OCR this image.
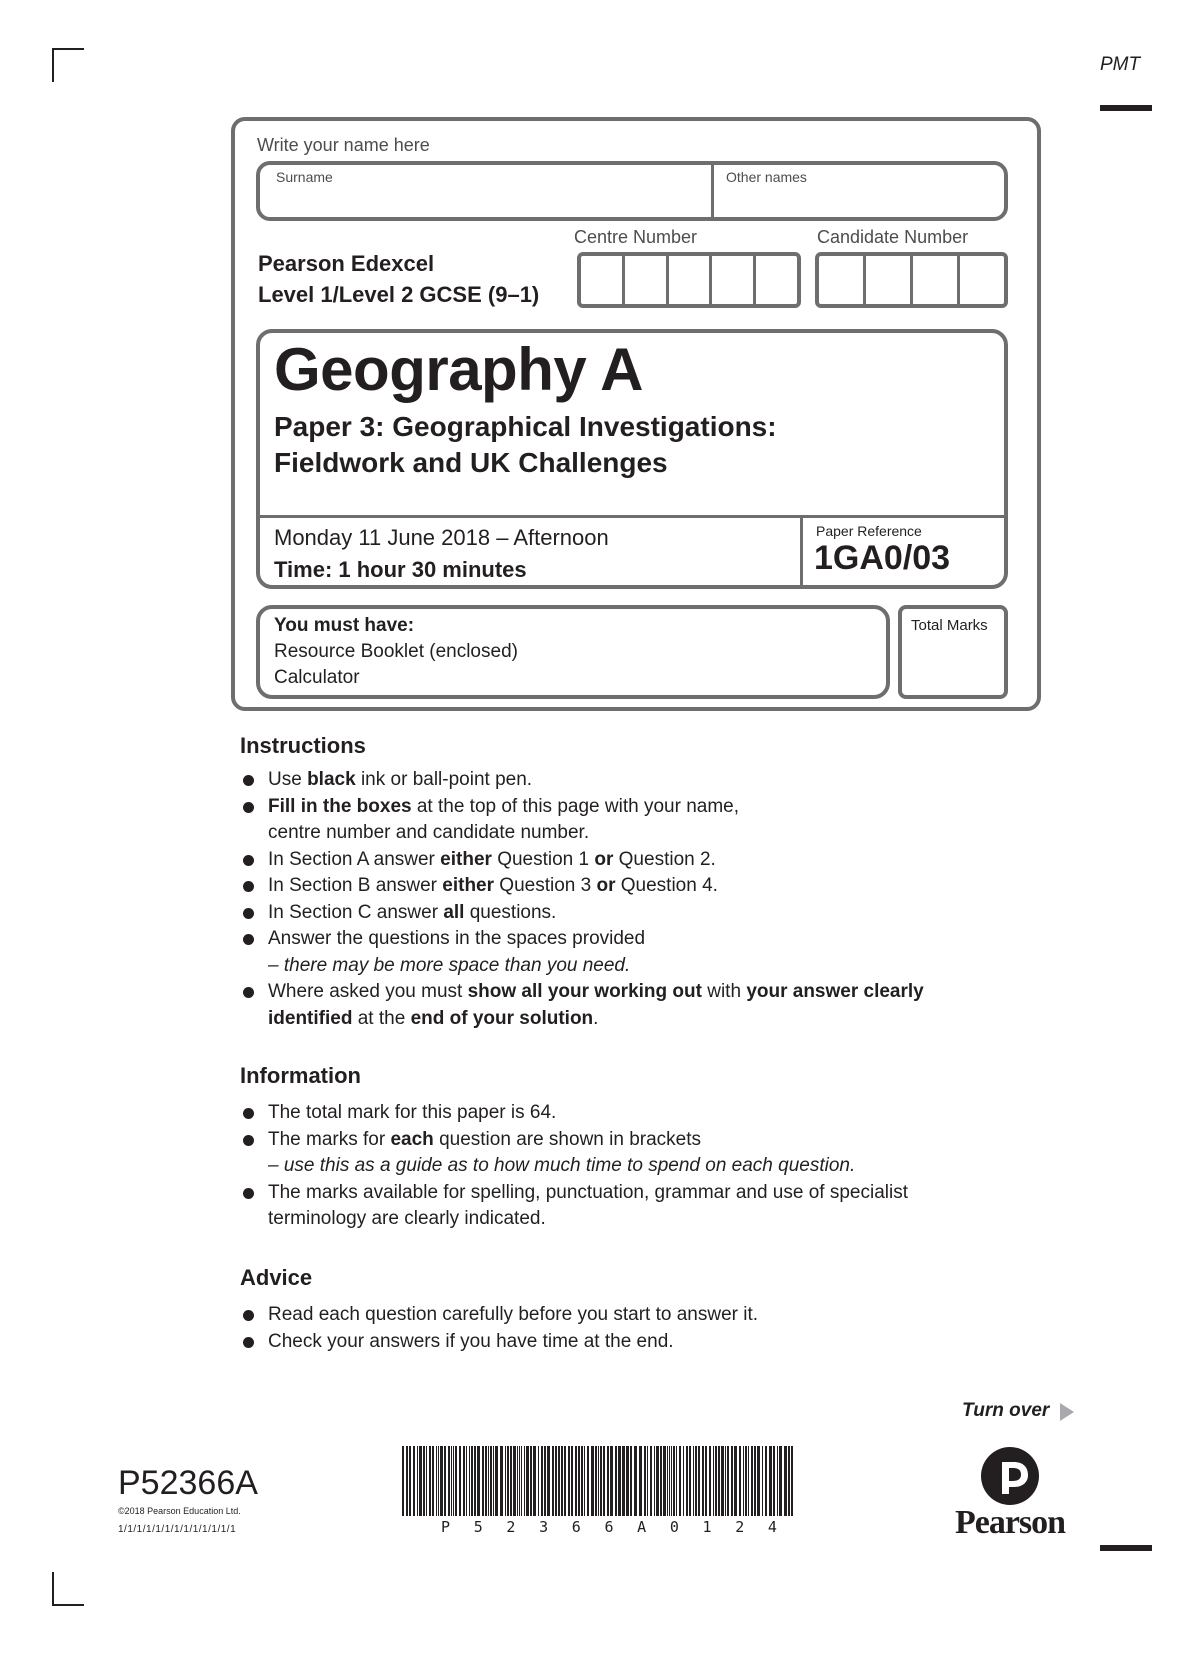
PMT
Write your name here
Surname	Other names
Centre Number	Candidate Number
Pearson Edexcel
Level 1/Level 2 GCSE (9–1)
Geography A
Paper 3: Geographical Investigations:
Fieldwork and UK Challenges
Monday 11 June 2018 – Afternoon
Time: 1 hour 30 minutes
Paper Reference
1GA0/03
You must have:
Resource Booklet (enclosed)
Calculator
Total Marks
Instructions
Use black ink or ball-point pen.
Fill in the boxes at the top of this page with your name,
centre number and candidate number.
In Section A answer either Question 1 or Question 2.
In Section B answer either Question 3 or Question 4.
In Section C answer all questions.
Answer the questions in the spaces provided
– there may be more space than you need.
Where asked you must show all your working out with your answer clearly identified at the end of your solution.
Information
The total mark for this paper is 64.
The marks for each question are shown in brackets
– use this as a guide as to how much time to spend on each question.
The marks available for spelling, punctuation, grammar and use of specialist
terminology are clearly indicated.
Advice
Read each question carefully before you start to answer it.
Check your answers if you have time at the end.
Turn over
P52366A
©2018 Pearson Education Ltd.
1/1/1/1/1/1/1/1/1/1/1/1/1	P 5 2 3 6 6 A 0 1 2 4	Pearson
